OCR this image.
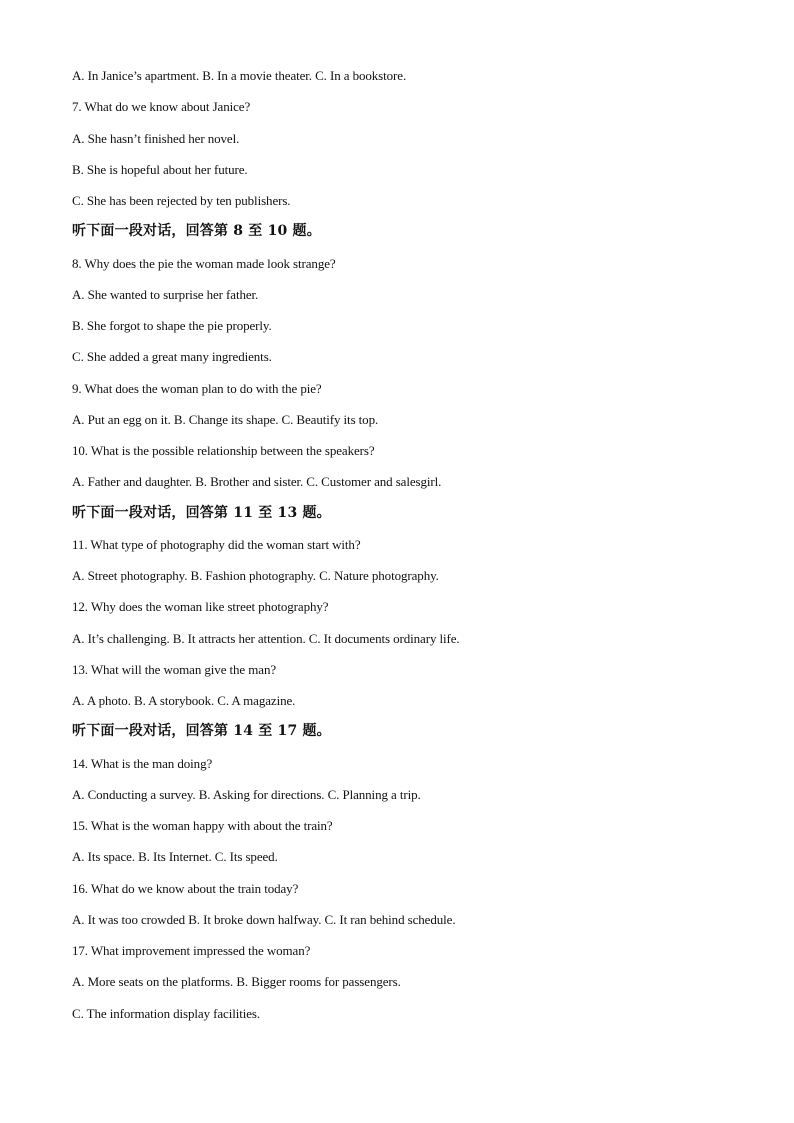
A. In Janice’s apartment. B. In a movie theater. C. In a bookstore.
7. What do we know about Janice?
A. She hasn’t finished her novel.
B. She is hopeful about her future.
C. She has been rejected by ten publishers.
听下面一段对话，回答第 8 至 10 题。
8. Why does the pie the woman made look strange?
A. She wanted to surprise her father.
B. She forgot to shape the pie properly.
C. She added a great many ingredients.
9. What does the woman plan to do with the pie?
A. Put an egg on it. B. Change its shape. C. Beautify its top.
10. What is the possible relationship between the speakers?
A. Father and daughter. B. Brother and sister. C. Customer and salesgirl.
听下面一段对话，回答第 11 至 13 题。
11. What type of photography did the woman start with?
A. Street photography. B. Fashion photography. C. Nature photography.
12. Why does the woman like street photography?
A. It’s challenging. B. It attracts her attention. C. It documents ordinary life.
13. What will the woman give the man?
A. A photo. B. A storybook. C. A magazine.
听下面一段对话，回答第 14 至 17 题。
14. What is the man doing?
A. Conducting a survey. B. Asking for directions. C. Planning a trip.
15. What is the woman happy with about the train?
A. Its space. B. Its Internet. C. Its speed.
16. What do we know about the train today?
A. It was too crowded B. It broke down halfway. C. It ran behind schedule.
17. What improvement impressed the woman?
A. More seats on the platforms. B. Bigger rooms for passengers.
C. The information display facilities.
